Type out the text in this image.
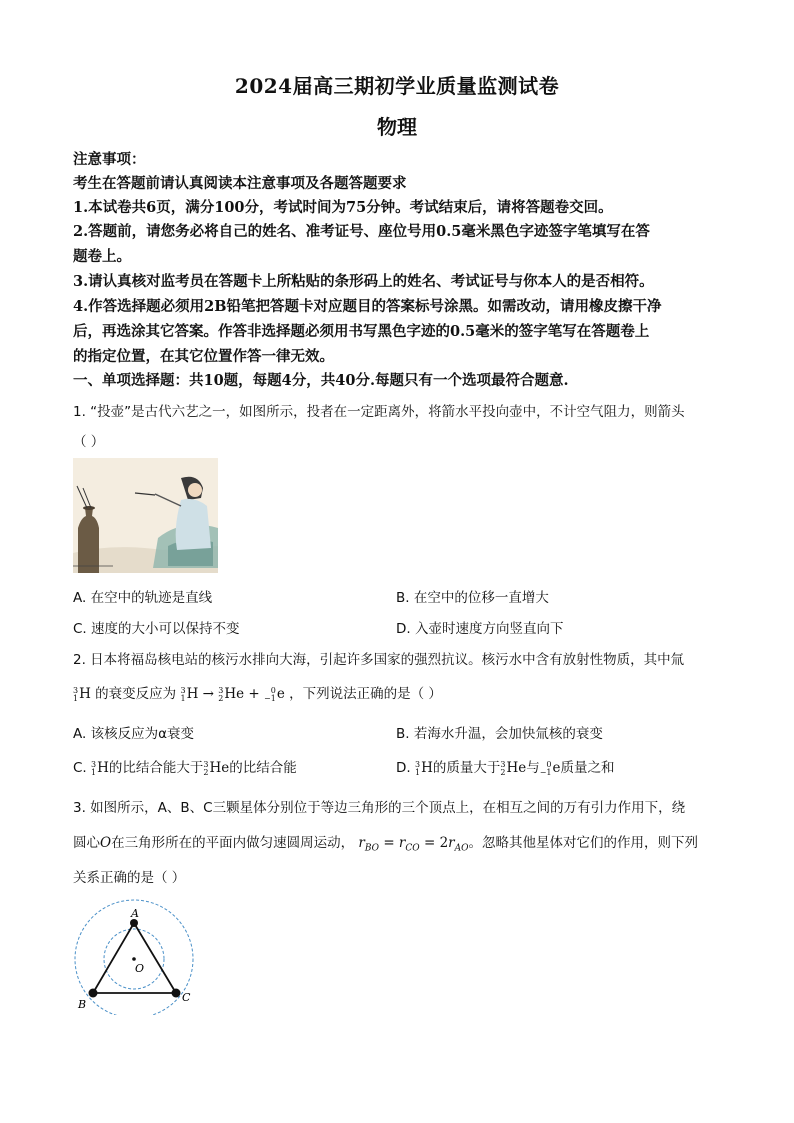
2024届高三期初学业质量监测试卷
物理
注意事项：
考生在答题前请认真阅读本注意事项及各题答题要求
1.本试卷共6页，满分100分，考试时间为75分钟。考试结束后，请将答题卷交回。
2.答题前，请您务必将自己的姓名、准考证号、座位号用0.5毫米黑色字迹签字笔填写在答
题卷上。
3.请认真核对监考员在答题卡上所粘贴的条形码上的姓名、考试证号与你本人的是否相符。
4.作答选择题必须用2B铅笔把答题卡对应题目的答案标号涂黑。如需改动，请用橡皮擦干净
后，再选涂其它答案。作答非选择题必须用书写黑色字迹的0.5毫米的签字笔写在答题卷上
的指定位置，在其它位置作答一律无效。
一、单项选择题：共10题，每题4分，共40分.每题只有一个选项最符合题意.
1. “投壶”是古代六艺之一，如图所示，投者在一定距离外，将箭水平投向壶中，不计空气阻力，则箭头
（ ）
A. 在空中的轨迹是直线	B. 在空中的位移一直增大
C. 速度的大小可以保持不变	D. 入壶时速度方向竖直向下
2. 日本将福岛核电站的核污水排向大海，引起许多国家的强烈抗议。核污水中含有放射性物质，其中氚
3
1 H 的衰变反应为 3
1 H → 3
2 He +	0
−1 e ，下列说法正确的是（ ）
A. 该核反应为α衰变	B. 若海水升温，会加快氚核的衰变
C. 3
1 H的比结合能大于 3
2 He的比结合能	D. 3
1 H的质量大于 3
2 He与 0
−1 e质量之和
3. 如图所示，A、B、C三颗星体分别位于等边三角形的三个顶点上，在相互之间的万有引力作用下，绕
圆心O在三角形所在的平面内做匀速圆周运动， $r_{BO} = r_{CO} = 2r_{AO}$。忽略其他星体对它们的作用，则下列
关系正确的是（ ）
A
O
B
C
